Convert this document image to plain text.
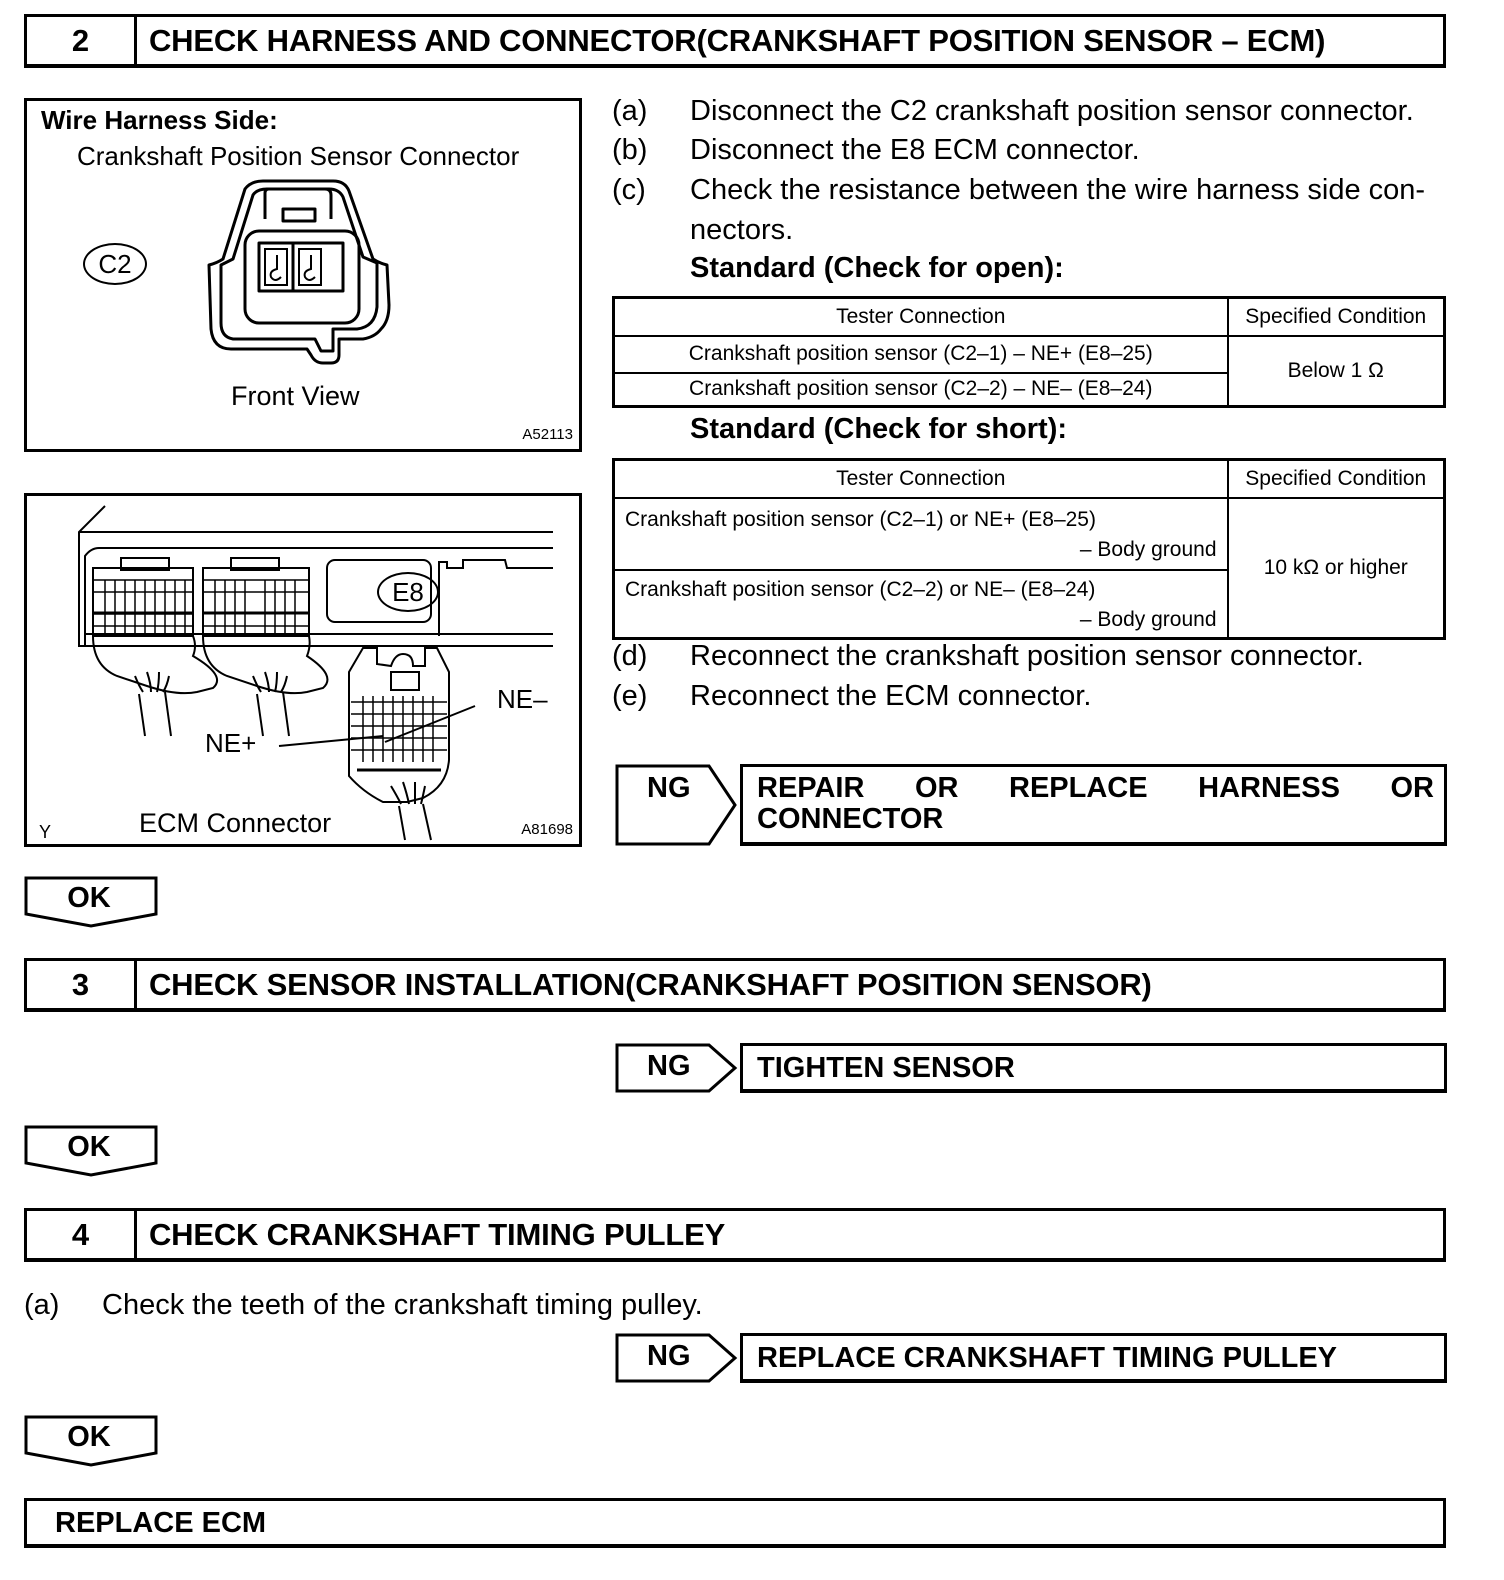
2	CHECK HARNESS AND CONNECTOR(CRANKSHAFT POSITION SENSOR – ECM)
Wire Harness Side:
Crankshaft Position Sensor Connector
C2
Front View
A52113
E8
NE+
NE–
Y	ECM Connector	A81698
(a) Disconnect the C2 crankshaft position sensor connector.
(b) Disconnect the E8 ECM connector.
(c) Check the resistance between the wire harness side con-
nectors.
Standard (Check for open):
Tester Connection	Specified Condition
Crankshaft position sensor (C2–1) – NE+ (E8–25)	Below 1 Ω
Crankshaft position sensor (C2–2) – NE– (E8–24)	
Standard (Check for short):
Tester Connection	Specified Condition

Crankshaft position sensor (C2–1) or NE+ (E8–25)
– Body ground	10 kΩ or higher

Crankshaft position sensor (C2–2) or NE– (E8–24)
– Body ground	
(d) Reconnect the crankshaft position sensor connector.
(e) Reconnect the ECM connector.
NG REPAIR OR REPLACE HARNESS OR
CONNECTOR
OK
3	CHECK SENSOR INSTALLATION(CRANKSHAFT POSITION SENSOR)
NG	TIGHTEN SENSOR
OK
4	CHECK CRANKSHAFT TIMING PULLEY
(a) Check the teeth of the crankshaft timing pulley.
NG	REPLACE CRANKSHAFT TIMING PULLEY
OK
REPLACE ECM
